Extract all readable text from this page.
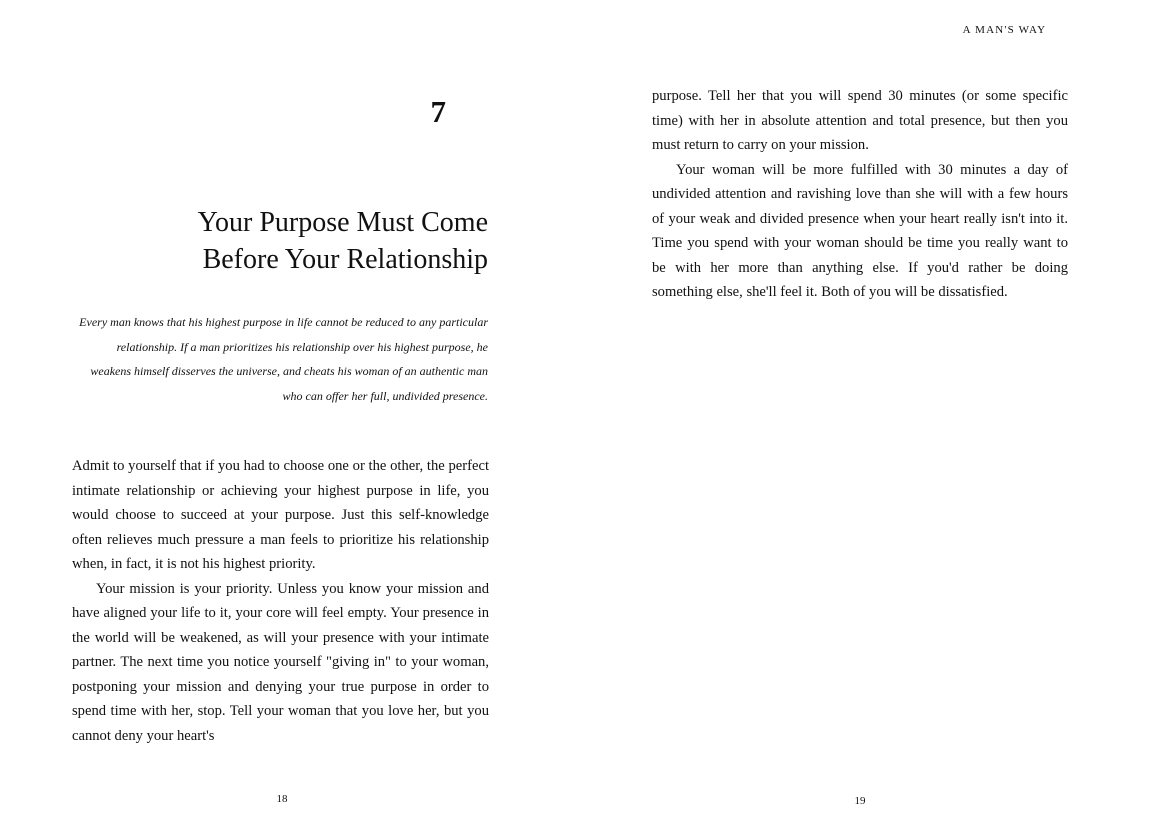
7
Your Purpose Must Come
Before Your Relationship

Every man knows that his highest purpose in life cannot be reduced to any particular relationship. If a man prioritizes his relationship over his highest purpose, he weakens himself disserves the universe, and cheats his woman of an authentic man who can offer her full, undivided presence.

Admit to yourself that if you had to choose one or the other, the perfect intimate relationship or achieving your highest purpose in life, you would choose to succeed at your purpose. Just this self-knowledge often relieves much pressure a man feels to prioritize his relationship when, in fact, it is not his highest priority.

Your mission is your priority. Unless you know your mission and have aligned your life to it, your core will feel empty. Your presence in the world will be weakened, as will your presence with your intimate partner. The next time you notice yourself "giving in" to your woman, postponing your mission and denying your true purpose in order to spend time with her, stop. Tell your woman that you love her, but you cannot deny your heart's

18
A MAN'S WAY

purpose. Tell her that you will spend 30 minutes (or some specific time) with her in absolute attention and total presence, but then you must return to carry on your mission.

Your woman will be more fulfilled with 30 minutes a day of undivided attention and ravishing love than she will with a few hours of your weak and divided presence when your heart really isn't into it. Time you spend with your woman should be time you really want to be with her more than anything else. If you'd rather be doing something else, she'll feel it. Both of you will be dissatisfied.

19
